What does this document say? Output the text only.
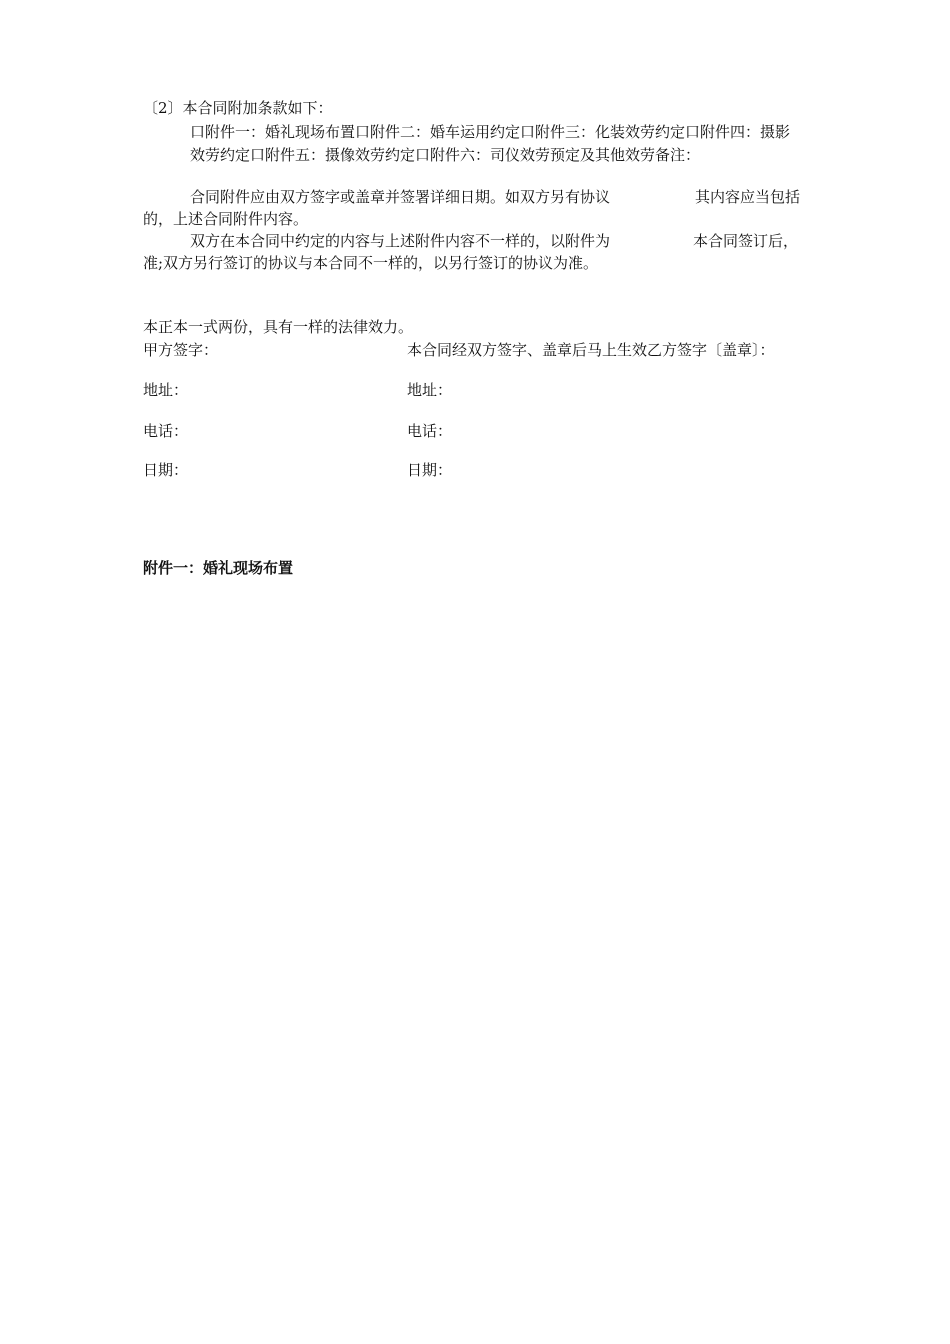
〔2〕本合同附加条款如下：
口附件一：婚礼现场布置口附件二：婚车运用约定口附件三：化装效劳约定口附件四：摄影
效劳约定口附件五：摄像效劳约定口附件六：司仪效劳预定及其他效劳备注：
合同附件应由双方签字或盖章并签署详细日期。如双方另有协议	其内容应当包括
的，上述合同附件内容。
双方在本合同中约定的内容与上述附件内容不一样的，以附件为	本合同签订后，
准;双方另行签订的协议与本合同不一样的，以另行签订的协议为准。
本正本一式两份，具有一样的法律效力。
甲方签字：	本合同经双方签字、盖章后马上生效乙方签字〔盖章〕：
地址：	地址：
电话：	电话：
日期：	日期：
附件一：婚礼现场布置
